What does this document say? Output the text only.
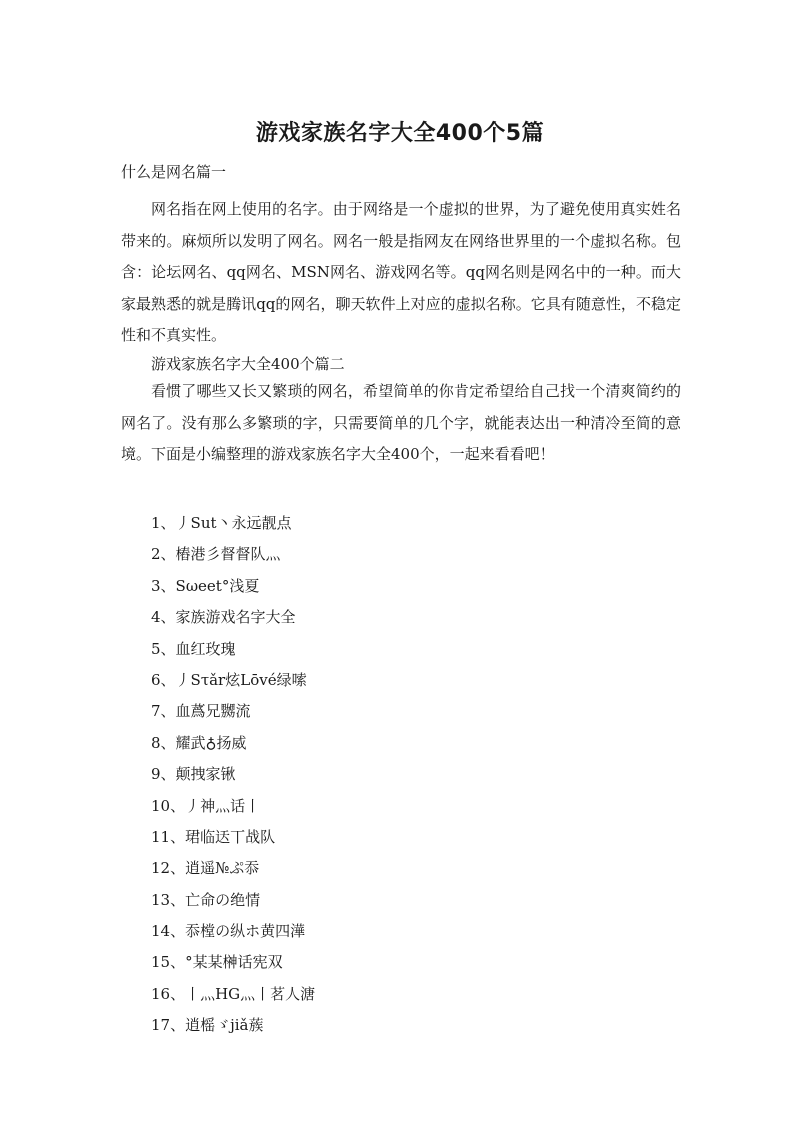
游戏家族名字大全400个5篇
什么是网名篇一

网名指在网上使用的名字。由于网络是一个虚拟的世界，为了避免使用真实姓名带来的。麻烦所以发明了网名。网名一般是指网友在网络世界里的一个虚拟名称。包含：论坛网名、qq网名、MSN网名、游戏网名等。qq网名则是网名中的一种。而大家最熟悉的就是腾讯qq的网名，聊天软件上对应的虚拟名称。它具有随意性，不稳定性和不真实性。

游戏家族名字大全400个篇二

看惯了哪些又长又繁琐的网名，希望简单的你肯定希望给自己找一个清爽简约的网名了。没有那么多繁琐的字，只需要简单的几个字，就能表达出一种清冷至简的意境。下面是小编整理的游戏家族名字大全400个，一起来看看吧！

1、丿Sut丶永远靓点
2、樁港彡督督队灬
3、Sωeet°浅夏
4、家族游戏名字大全
5、血红玫瑰
6、丿Sτǎr炫Lōvé绿嗦
7、血蔿兄嬲流
8、耀武♁扬威
9、颠拽家锹
10、丿神灬话丨
11、珺临迗丅战队
12、逍遥№ぷ忝
13、亡命の绝情
14、忝樘の纵ホ黄四澕
15、°某某榊话宪双
16、丨灬HG灬丨茗人溏
17、逍榣ゞjiǎ蔟
